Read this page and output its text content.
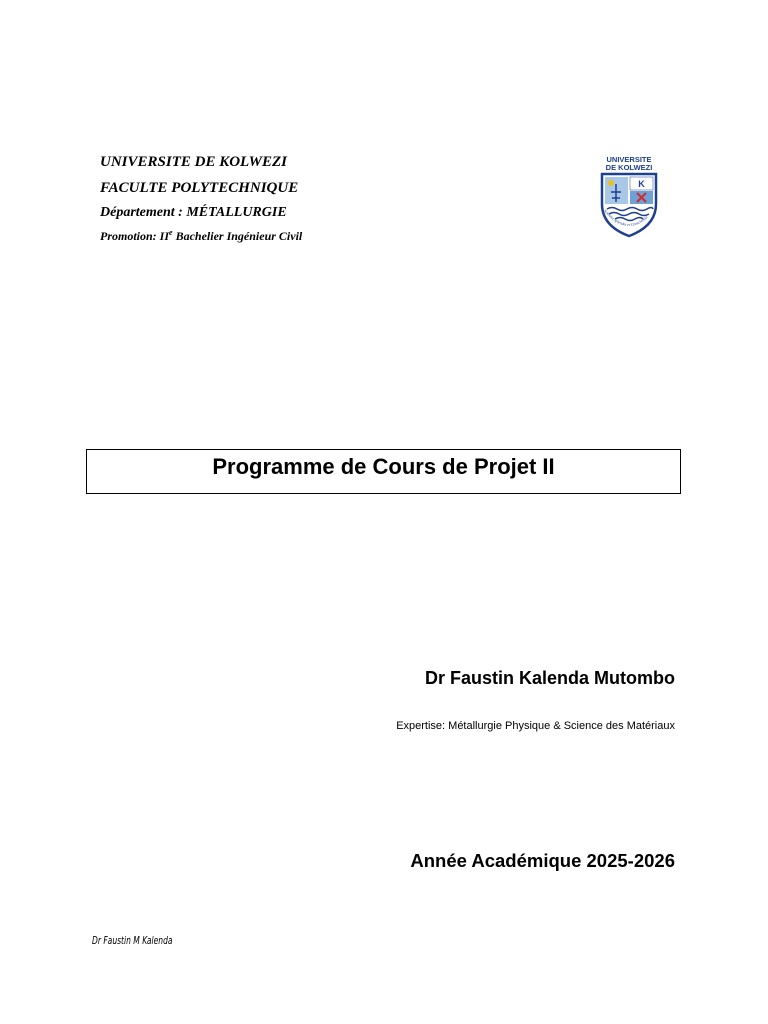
UNIVERSITE DE KOLWEZI
FACULTE POLYTECHNIQUE
Département : MÉTALLURGIE
Promotion: IIe Bachelier Ingénieur Civil
UNIVERSITE
DE KOLWEZI
K
Scientia Splendet et Conscientia
Programme de Cours de Projet II
Dr Faustin Kalenda Mutombo
Expertise: Métallurgie Physique & Science des Matériaux
Année Académique 2025-2026
Dr Faustin M Kalenda
